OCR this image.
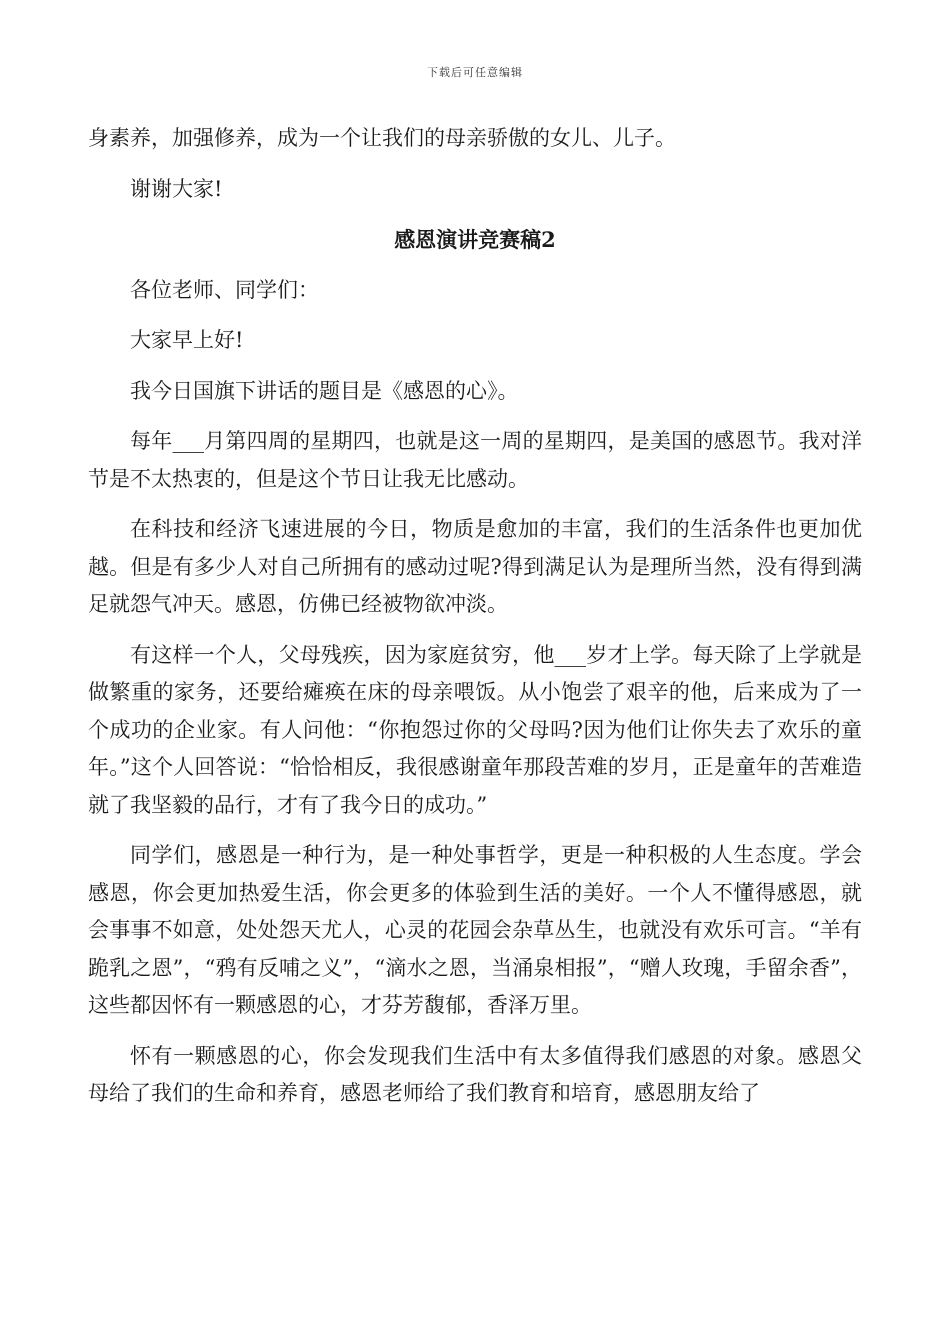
下载后可任意编辑

身素养，加强修养，成为一个让我们的母亲骄傲的女儿、儿子。

谢谢大家!

感恩演讲竞赛稿2

各位老师、同学们：

大家早上好!

我今日国旗下讲话的题目是《感恩的心》。

每年___月第四周的星期四，也就是这一周的星期四，是美国的感恩节。我对洋节是不太热衷的，但是这个节日让我无比感动。

在科技和经济飞速进展的今日，物质是愈加的丰富，我们的生活条件也更加优越。但是有多少人对自己所拥有的感动过呢?得到满足认为是理所当然，没有得到满足就怨气冲天。感恩，仿佛已经被物欲冲淡。

有这样一个人，父母残疾，因为家庭贫穷，他___岁才上学。每天除了上学就是做繁重的家务，还要给瘫痪在床的母亲喂饭。从小饱尝了艰辛的他，后来成为了一个成功的企业家。有人问他：“你抱怨过你的父母吗?因为他们让你失去了欢乐的童年。”这个人回答说：“恰恰相反，我很感谢童年那段苦难的岁月，正是童年的苦难造就了我坚毅的品行，才有了我今日的成功。”

同学们，感恩是一种行为，是一种处事哲学，更是一种积极的人生态度。学会感恩，你会更加热爱生活，你会更多的体验到生活的美好。一个人不懂得感恩，就会事事不如意，处处怨天尤人，心灵的花园会杂草丛生，也就没有欢乐可言。“羊有跪乳之恩”，“鸦有反哺之义”，“滴水之恩，当涌泉相报”，“赠人玫瑰，手留余香”，这些都因怀有一颗感恩的心，才芬芳馥郁，香泽万里。

怀有一颗感恩的心，你会发现我们生活中有太多值得我们感恩的对象。感恩父母给了我们的生命和养育，感恩老师给了我们教育和培育，感恩朋友给了
